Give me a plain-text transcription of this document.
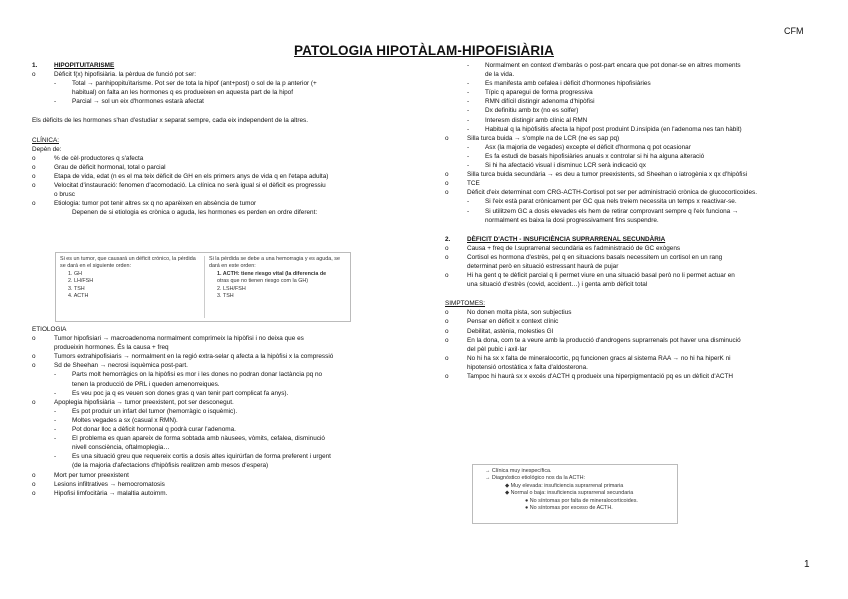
CFM
PATOLOGIA HIPOTÀLAM-HIPOFISIÀRIA
1.	HIPOPITUITARISME
o	Dèficit f(x) hipofisiària. la pèrdua de funció pot ser:
- Total → panhipopituïtarisme. Pot ser de tota la hipof (ant+post) o sol de la p anterior (+
habitual) on falta an les hormones q es produeixen en aquesta part de la hipof
- Parcial → sol un eix d'hormones estarà afectat
Els dèficits de les hormones s'han d'estudiar x separat sempre, cada eix independent de la altres.
CLÍNICA:
Depèn de:
o	% de cèl·productores q s'afecta
o	Grau de dèficit hormonal, total o parcial
o	Etapa de vida, edat (n es el ma teix dèficit de GH en els primers anys de vida q en l'etapa adulta)
o	Velocitat d'instauració: fenomen d'acomodació. La clínica no serà igual si el dèficit es progressiu
o brusc
o	Etiologia: tumor pot tenir altres sx q no aparèixen en absència de tumor
Depenen de si etiologia es crònica o aguda, les hormones es perden en ordre diferent:
Si es un tumor, que causará un déficit crónico, la pérdida se dará en el siguiente orden:
1. GH
2. LH/FSH
3. TSH
4. ACTH
Si la pérdida se debe a una hemorragia y es aguda, se dará en este orden:
1. ACTH: tiene riesgo vital (la diferencia de
otras que no tienen riesgo com la GH)
2. LSH/FSH
3. TSH
ETIOLOGIA
o	Tumor hipofisiari → macroadenoma normalment comprimeix la hipòfisi i no deixa que es
produeixin hormones. És la causa + freq
o	Tumors extrahipofisiaris → normalment en la regió extra-selar q afecta a la hipòfisi x la compressió
o	Sd de Sheehan → necrosi isquèmica post-part.
- Parts molt hemorràgics on la hipòfisi es mor i les dones no podran donar lactància pq no
tenen la producció de PRL i queden amenorreiques.
- Es veu poc ja q es veuen son dones gras q van tenir part complicat fa anys).
o	Apoplegia hipofisiària → tumor preexistent, pot ser desconegut.
- Es pot produir un infart del tumor (hemorràgic o isquèmic).
- Moltes vegades a sx (casual x RMN).
- Pot donar lloc a dèficit hormonal q podrà curar l'adenoma.
- El problema es quan apareix de forma sobtada amb nàusees, vòmits, cefalea, disminució
nivell consciència, oftalmoplegia…
- Es una situació greu que requereix cortis a dosis altes iquirúrfan de forma preferent i urgent
(de la majoria d'afectacions d'hipòfisis realitzen amb mesos d'espera)
o	Mort per tumor preexistent
o	Lesions infiltratives → hemocromatosis
o	Hipofisi limfocitària → malaltia autoimm.
- Normalment en context d'embaràs o post-part encara que pot donar-se en altres moments
de la vida.
- Es manifesta amb cefalea i dèficit d'hormones hipofisiàries
- Típic q aparegui de forma progressiva
- RMN difícil distingir adenoma d'hipòfisi
- Dx definitiu amb bx (no es solfer)
- Interesm distingir amb clínic al RMN
- Habitual q la hipòfisitis afecta la hipof post produint D.insípida (en l'adenoma nes tan hàbit)
o	Silla turca buida → s'omple na de LCR (ne es sap pq)
- Asx (la majoria de vegades) excepte el dèficit d'hormona q pot ocasionar
- Es fa estudi de basals hipofisiàries anuals x controlar si hi ha alguna alteració
- Si hi ha afectació visual i disminuc LCR serà indicació qx
o	Silla turca buida secundària → es deu a tumor preexistents, sd Sheehan o iatrogènia x qx d'hipòfisi
o	TCE
o	Dèficit d'eix determinat com CRG-ACTH-Cortisol pot ser per administració crònica de glucocorticoides.
- Si l'eix està parat crònicament per GC qua nels treiem necessita un temps x reactivar-se.
- Si utilitzem GC a dosis elevades els hem de retirar comprovant sempre q l'eix funciona →
normalment es baixa la dosi progressivament fins suspendre.
2.	DÈFICIT D'ACTH - INSUFICIÈNCIA SUPRARRENAL SECUNDÀRIA
o	Causa + freq de I.suprarrenal secundària es l'administració de GC exògens
o	Cortisol es hormona d'estrès, pel q en situacions basals necessitem un cortisol en un rang
determinat però en situació estressant haurà de pujar
o	Hi ha gent q te dèficit parcial q li permet viure en una situació basal però no li permet actuar en
una situació d'estrès (covid, accident…) i genta amb dèficit total
SIMPTOMES:
o	No donen molta pista, son subjectius
o	Pensar en dèficit x context clínic
o	Debilitat, astènia, molesties GI
o	En la dona, com te a veure amb la producció d'androgens suprarrenals pot haver una disminució
del pèl pubic i axil·lar
o	No hi ha sx x falta de mineralocortic, pq funcionen gracs al sistema RAA → no hi ha hiperK ni
hipotensió ortostàtica x falta d'aldosterona.
o	Tampoc hi haurà sx x excés d'ACTH q produeix una hiperpigmentació pq es un dèficit d'ACTH
→ Clínica muy inespecífica.
→ Diagnóstico etiológico nos da la ACTH:
◆ Muy elevada: insuficiencia suprarrenal primaria
◆ Normal o baja: insuficiencia suprarrenal secundaria
● No síntomas por falta de mineralocorticoides.
● No síntomas por exceso de ACTH.
1
